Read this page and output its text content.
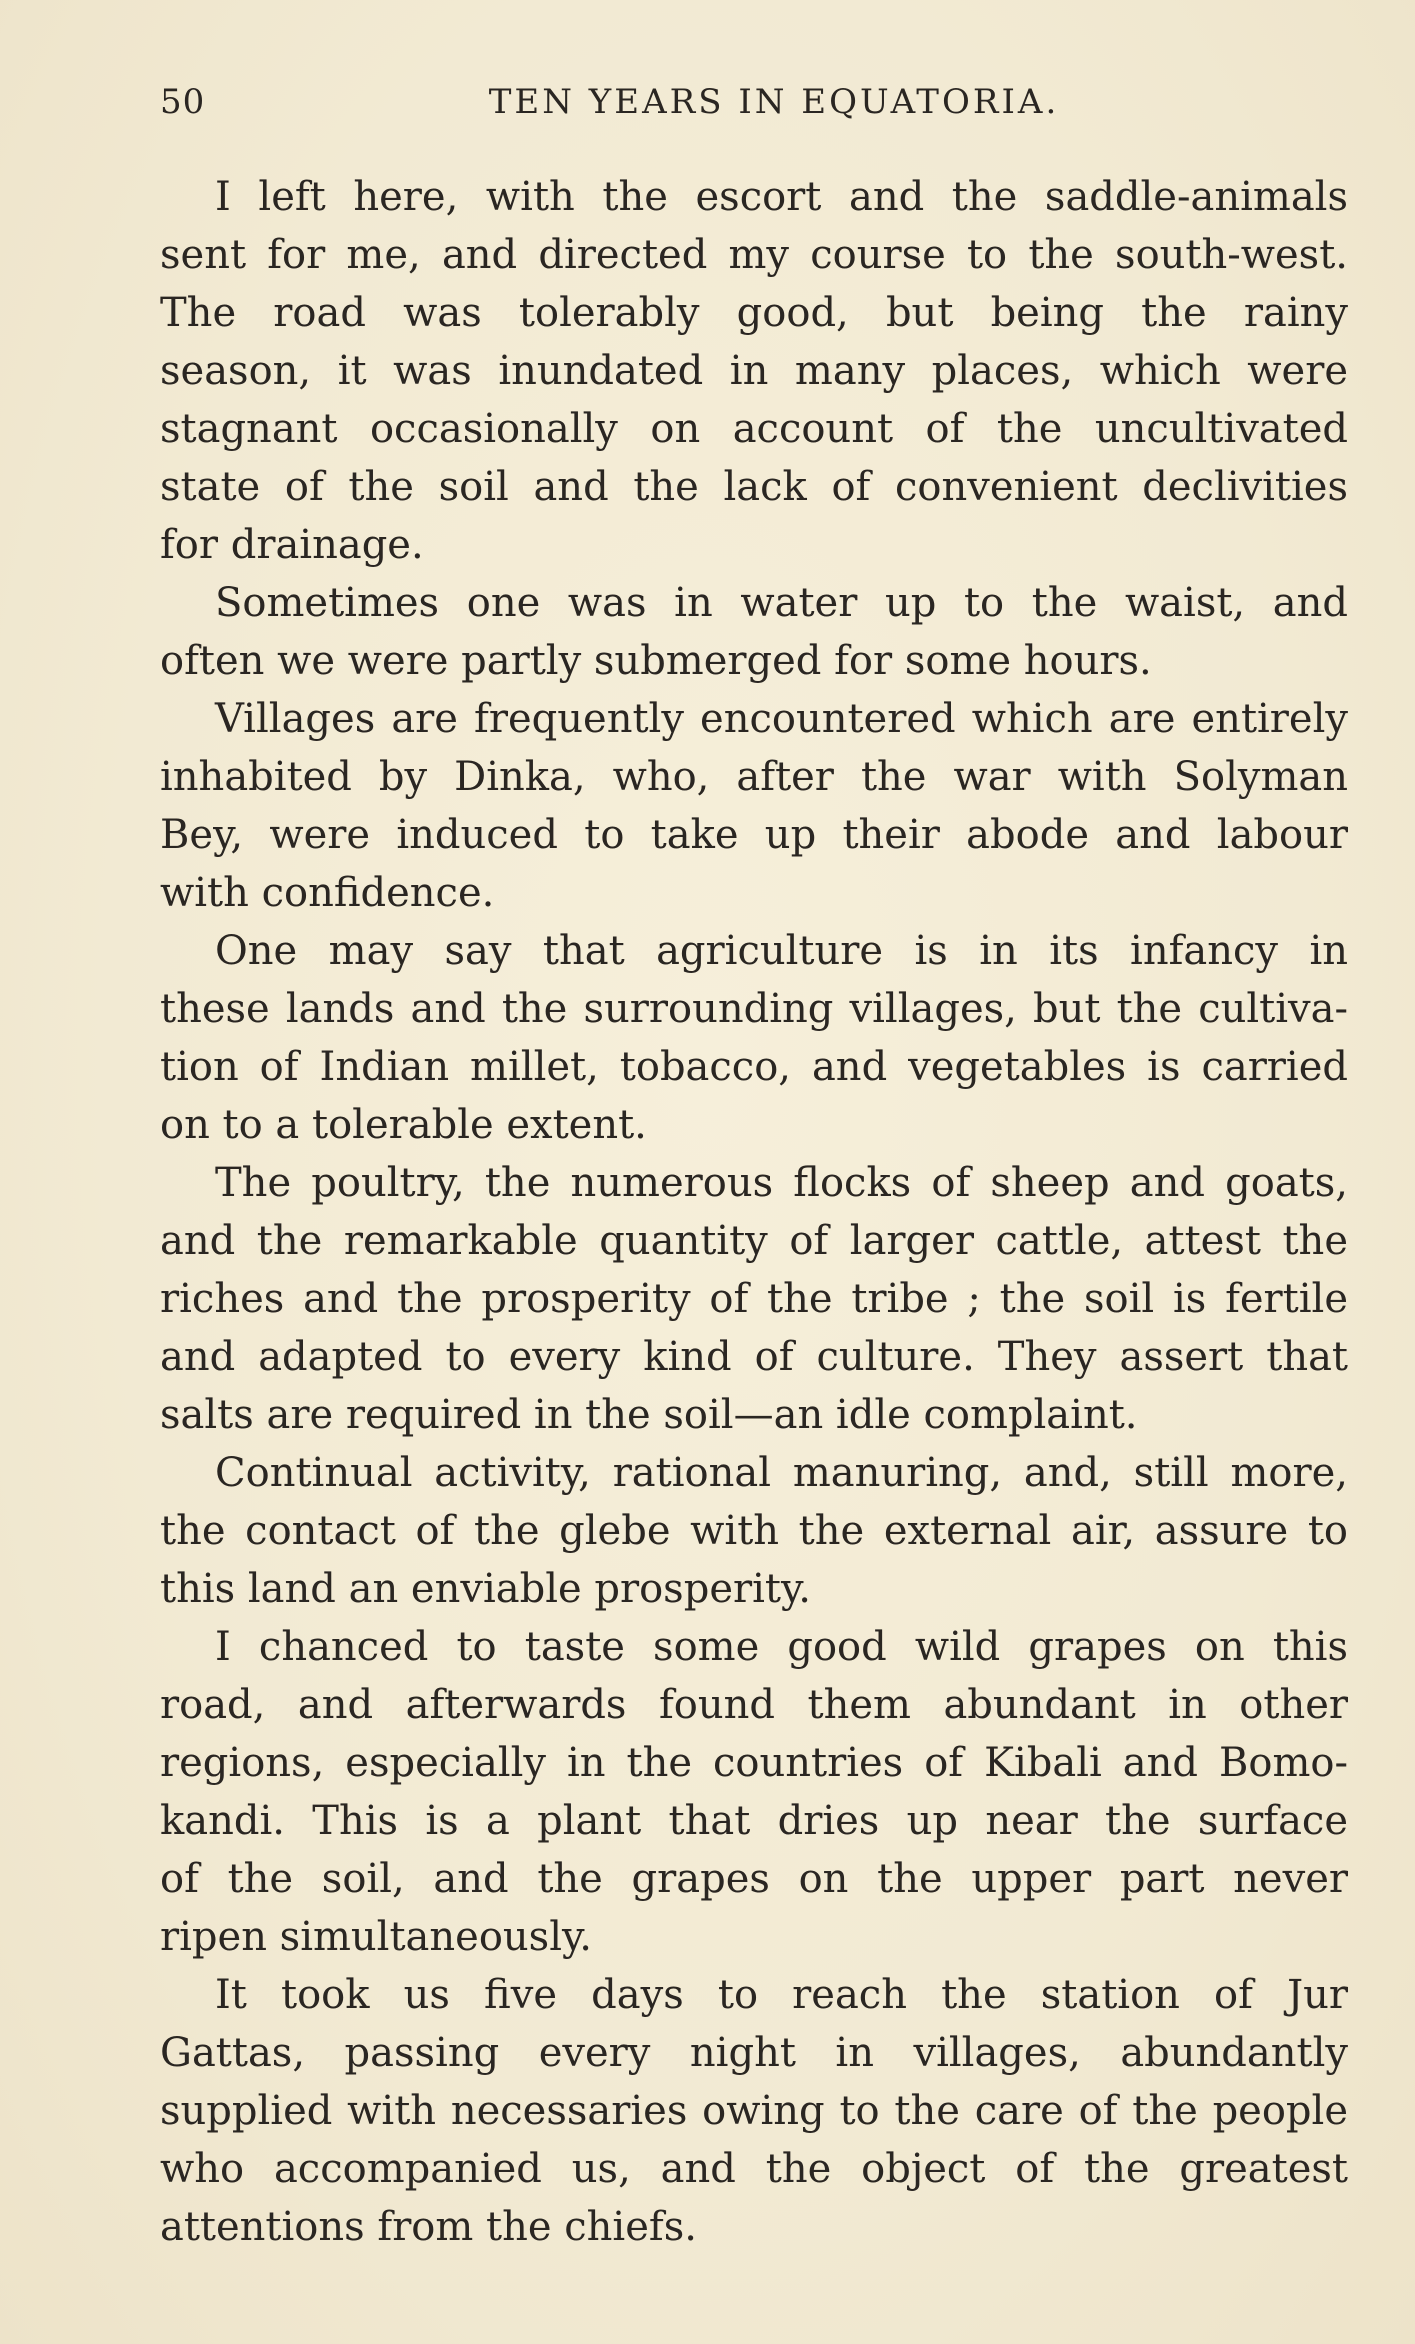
50	TEN YEARS IN EQUATORIA.
I left here, with the escort and the saddle-animals
sent for me, and directed my course to the south-west.
The road was tolerably good, but being the rainy
season, it was inundated in many places, which were
stagnant occasionally on account of the uncultivated
state of the soil and the lack of convenient declivities
for drainage.
Sometimes one was in water up to the waist, and
often we were partly submerged for some hours.
Villages are frequently encountered which are entirely
inhabited by Dinka, who, after the war with Solyman
Bey, were induced to take up their abode and labour
with confidence.
One may say that agriculture is in its infancy in
these lands and the surrounding villages, but the cultiva-
tion of Indian millet, tobacco, and vegetables is carried
on to a tolerable extent.
The poultry, the numerous flocks of sheep and goats,
and the remarkable quantity of larger cattle, attest the
riches and the prosperity of the tribe ; the soil is fertile
and adapted to every kind of culture. They assert that
salts are required in the soil—an idle complaint.
Continual activity, rational manuring, and, still more,
the contact of the glebe with the external air, assure to
this land an enviable prosperity.
I chanced to taste some good wild grapes on this
road, and afterwards found them abundant in other
regions, especially in the countries of Kibali and Bomo-
kandi. This is a plant that dries up near the surface
of the soil, and the grapes on the upper part never
ripen simultaneously.
It took us five days to reach the station of Jur
Gattas, passing every night in villages, abundantly
supplied with necessaries owing to the care of the people
who accompanied us, and the object of the greatest
attentions from the chiefs.
